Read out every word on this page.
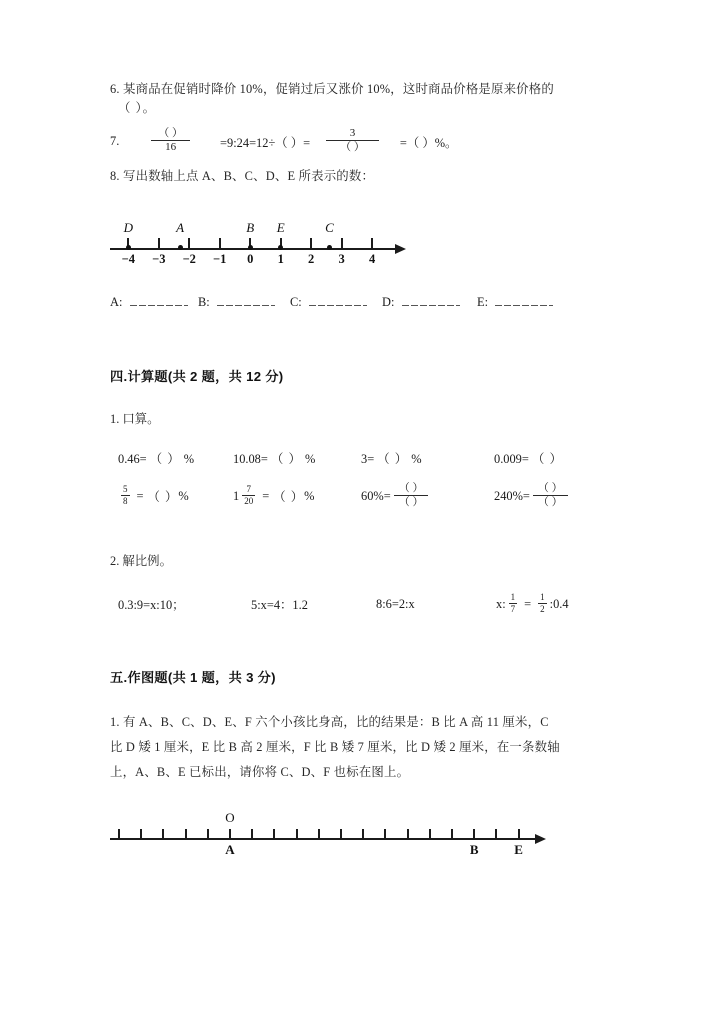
6. 某商品在促销时降价 10%，促销过后又涨价 10%，这时商品价格是原来价格的
（ ）。
7. $\frac{( )}{16}$ =9:24=12÷（ ）= $\frac{3}{( )}$ =（ ）%。
8. 写出数轴上点 A、B、C、D、E 所表示的数：
−4 −3 −2 −1 0 1 2 3 4
D	A	B E	C
A:	B:	C:	D:	E:
四.计算题(共 2 题，共 12 分)
1. 口算。
0.46= （ ） %	10.08= （ ） %	3= （ ） %	0.009= （ ）
$\frac{5}{8}$ = （ ） %	$1 \frac{7}{20}$ = （ ） %	$60\% = \frac{( )}{( )}$	$240\% = \frac{( )}{( )}$
2. 解比例。
0.3:9=x:10；	5:x=4：1.2	8:6=2:x	x: $\frac{1}{7} = \frac{1}{2}$ :0.4
五.作图题(共 1 题，共 3 分)
1. 有 A、B、C、D、E、F 六个小孩比身高，比的结果是：B 比 A 高 11 厘米，C
比 D 矮 1 厘米，E 比 B 高 2 厘米，F 比 B 矮 7 厘米，比 D 矮 2 厘米，在一条数轴
上，A、B、E 已标出，请你将 C、D、F 也标在图上。
O
A	B	E
